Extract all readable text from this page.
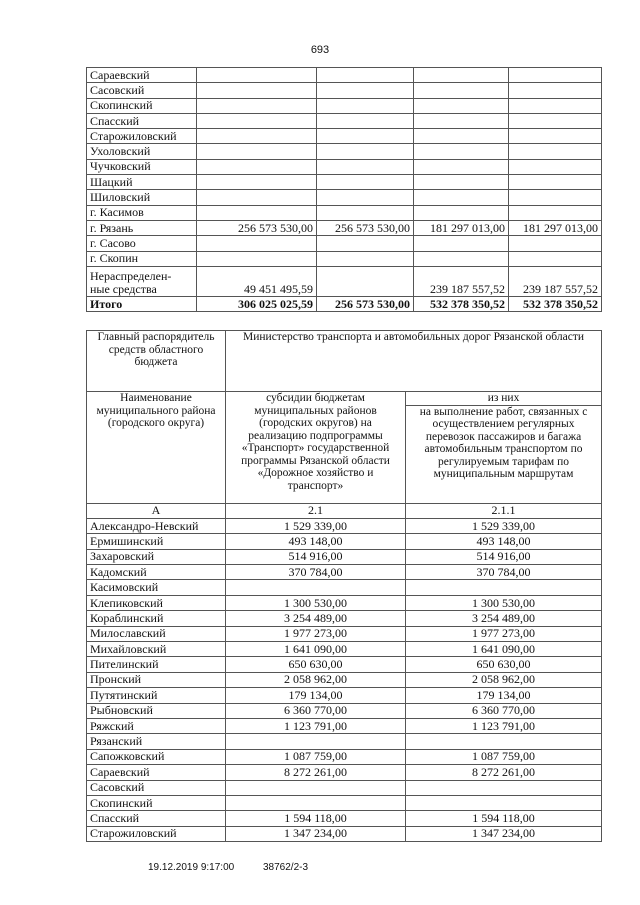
693
Сараевский				
Сасовский				
Скопинский				
Спасский				
Старожиловский				
Ухоловский				
Чучковский				
Шацкий				
Шиловский				
г. Касимов				
г. Рязань	256 573 530,00	256 573 530,00	181 297 013,00	181 297 013,00
г. Сасово				
г. Скопин				

Нераспределен-
ные средства	49 451 495,59		239 187 557,52	239 187 557,52
Итого	306 025 025,59	256 573 530,00	532 378 350,52	532 378 350,52
Главный распорядитель средств областного бюджета	Министерство транспорта и автомобильных дорог Рязанской области	
Наименование муниципального района (городского округа)	субсидии бюджетам муниципальных районов (городских округов) на реализацию подпрограммы «Транспорт» государственной программы Рязанской области «Дорожное хозяйство и транспорт»	из них
		на выполнение работ, связанных с осуществлением регулярных перевозок пассажиров и багажа автомобильным транспортом по регулируемым тарифам по муниципальным маршрутам
А	2.1	2.1.1
Александро-Невский	1 529 339,00	1 529 339,00
Ермишинский	493 148,00	493 148,00
Захаровский	514 916,00	514 916,00
Кадомский	370 784,00	370 784,00
Касимовский		
Клепиковский	1 300 530,00	1 300 530,00
Кораблинский	3 254 489,00	3 254 489,00
Милославский	1 977 273,00	1 977 273,00
Михайловский	1 641 090,00	1 641 090,00
Пителинский	650 630,00	650 630,00
Пронский	2 058 962,00	2 058 962,00
Путятинский	179 134,00	179 134,00
Рыбновский	6 360 770,00	6 360 770,00
Ряжский	1 123 791,00	1 123 791,00
Рязанский		
Сапожковский	1 087 759,00	1 087 759,00
Сараевский	8 272 261,00	8 272 261,00
Сасовский		
Скопинский		
Спасский	1 594 118,00	1 594 118,00
Старожиловский	1 347 234,00	1 347 234,00
19.12.2019 9:17:00	38762/2-3
